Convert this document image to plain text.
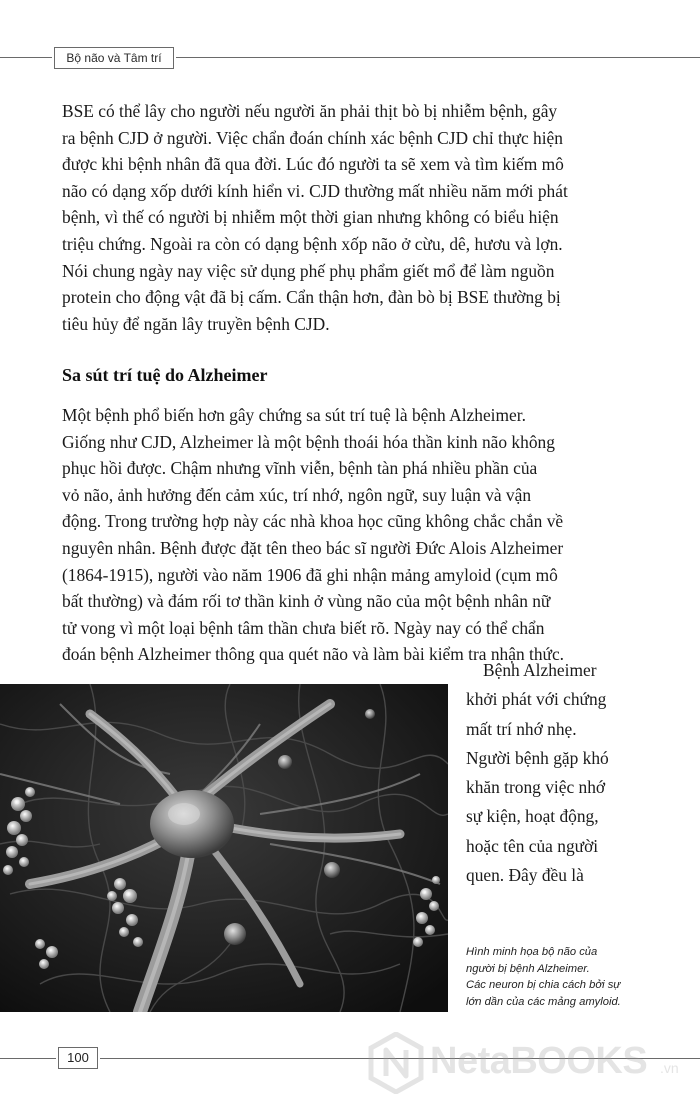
Bộ não và Tâm trí

BSE có thể lây cho người nếu người ăn phải thịt bò bị nhiễm bệnh, gây
ra bệnh CJD ở người. Việc chẩn đoán chính xác bệnh CJD chỉ thực hiện
được khi bệnh nhân đã qua đời. Lúc đó người ta sẽ xem và tìm kiếm mô
não có dạng xốp dưới kính hiển vi. CJD thường mất nhiều năm mới phát
bệnh, vì thế có người bị nhiễm một thời gian nhưng không có biểu hiện
triệu chứng. Ngoài ra còn có dạng bệnh xốp não ở cừu, dê, hươu và lợn.
Nói chung ngày nay việc sử dụng phế phụ phẩm giết mổ để làm nguồn
protein cho động vật đã bị cấm. Cẩn thận hơn, đàn bò bị BSE thường bị
tiêu hủy để ngăn lây truyền bệnh CJD.

Sa sút trí tuệ do Alzheimer

Một bệnh phổ biến hơn gây chứng sa sút trí tuệ là bệnh Alzheimer.
Giống như CJD, Alzheimer là một bệnh thoái hóa thần kinh não không
phục hồi được. Chậm nhưng vĩnh viễn, bệnh tàn phá nhiều phần của
vỏ não, ảnh hưởng đến cảm xúc, trí nhớ, ngôn ngữ, suy luận và vận
động. Trong trường hợp này các nhà khoa học cũng không chắc chắn về
nguyên nhân. Bệnh được đặt tên theo bác sĩ người Đức Alois Alzheimer
(1864-1915), người vào năm 1906 đã ghi nhận mảng amyloid (cụm mô
bất thường) và đám rối tơ thần kinh ở vùng não của một bệnh nhân nữ
tử vong vì một loại bệnh tâm thần chưa biết rõ. Ngày nay có thể chẩn
đoán bệnh Alzheimer thông qua quét não và làm bài kiểm tra nhận thức.

Bệnh Alzheimer
khởi phát với chứng
mất trí nhớ nhẹ.
Người bệnh gặp khó
khăn trong việc nhớ
sự kiện, hoạt động,
hoặc tên của người
quen. Đây đều là
Hình minh họa bộ não của
người bị bệnh Alzheimer.
Các neuron bị chia cách bởi sự
lớn dần của các mảng amyloid.
100	NetaBOOKS .vn
